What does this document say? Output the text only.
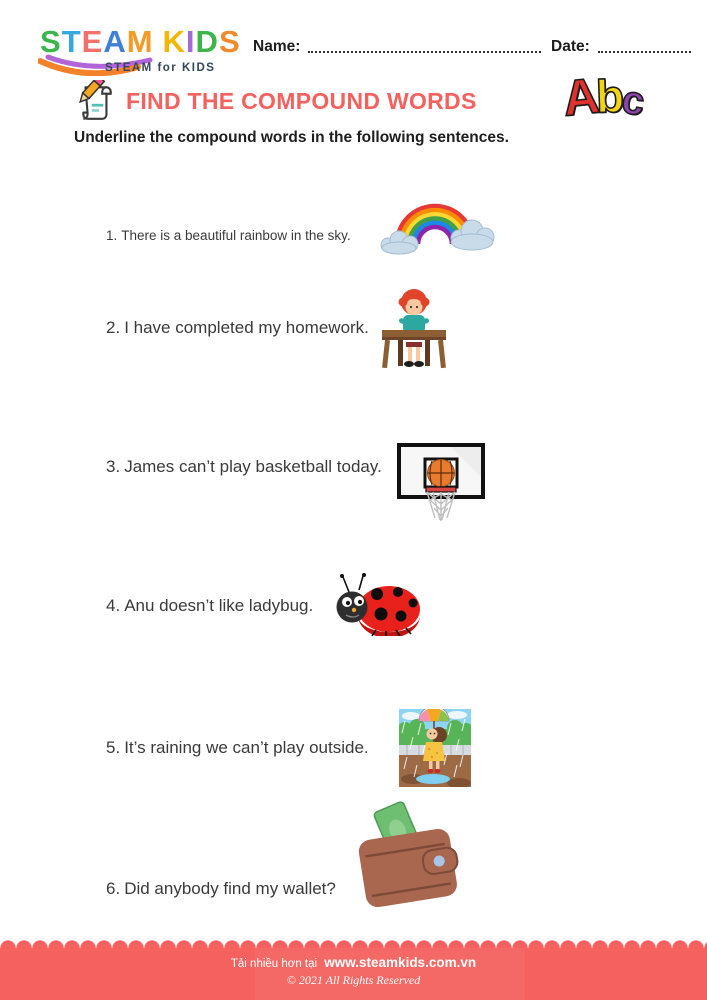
STEAM KIDS
STEAM for KIDS
Name:	Date:
FIND THE COMPOUND WORDS Abc
Underline the compound words in the following sentences.
1. There is a beautiful rainbow in the sky.
2. I have completed my homework.
3. James can’t play basketball today.
4. Anu doesn’t like ladybug.
5. It’s raining we can’t play outside.
6. Did anybody find my wallet?
Tải nhiều hơn tại www.steamkids.com.vn
© 2021 All Rights Reserved
